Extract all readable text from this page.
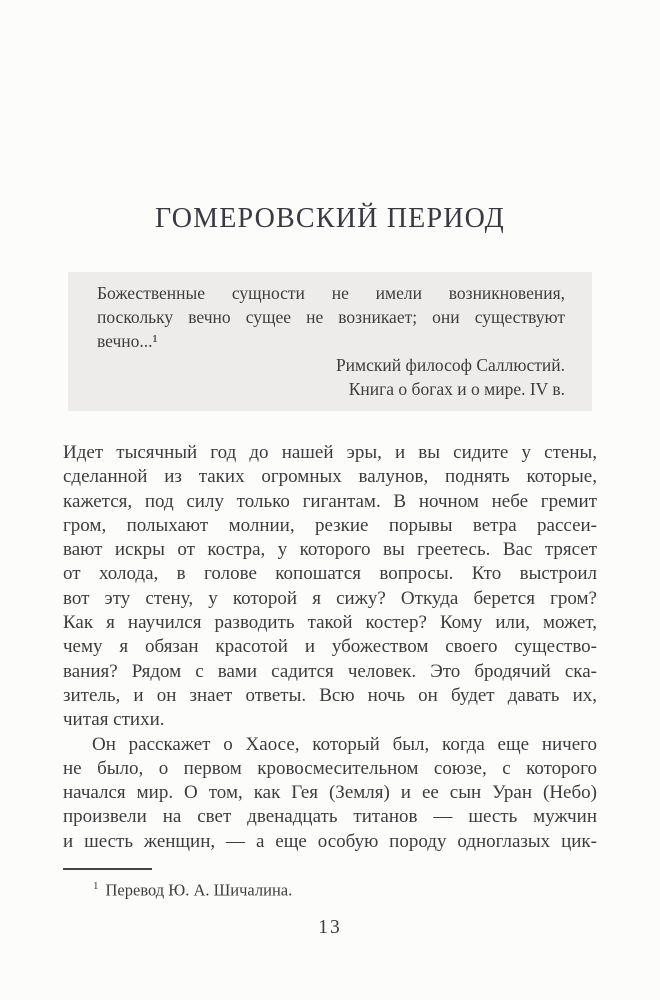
ГОМЕРОВСКИЙ ПЕРИОД
Божественные сущности не имели возникновения,
поскольку вечно сущее не возникает; они существуют
вечно...¹
Римский философ Саллюстий.
Книга о богах и о мире. IV в.
Идет тысячный год до нашей эры, и вы сидите у стены,
сделанной из таких огромных валунов, поднять которые,
кажется, под силу только гигантам. В ночном небе гремит
гром, полыхают молнии, резкие порывы ветра рассеи-
вают искры от костра, у которого вы греетесь. Вас трясет
от холода, в голове копошатся вопросы. Кто выстроил
вот эту стену, у которой я сижу? Откуда берется гром?
Как я научился разводить такой костер? Кому или, может,
чему я обязан красотой и убожеством своего существо-
вания? Рядом с вами садится человек. Это бродячий ска-
зитель, и он знает ответы. Всю ночь он будет давать их,
читая стихи.
Он расскажет о Хаосе, который был, когда еще ничего
не было, о первом кровосмесительном союзе, с которого
начался мир. О том, как Гея (Земля) и ее сын Уран (Небо)
произвели на свет двенадцать титанов — шесть мужчин
и шесть женщин, — а еще особую породу одноглазых цик-
$^1$ Перевод Ю. А. Шичалина.
13
